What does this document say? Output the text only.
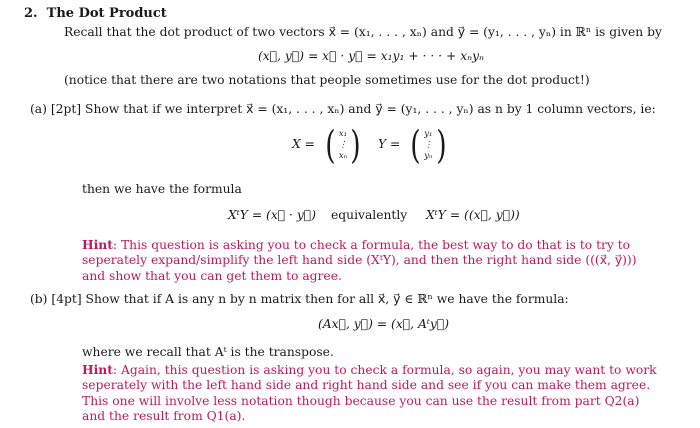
2. The Dot Product
Recall that the dot product of two vectors x⃗ = (x₁, . . . , xₙ) and y⃗ = (y₁, . . . , yₙ) in ℝⁿ is given by
(x⃗, y⃗) = x⃗ · y⃗ = x₁y₁ + · · · + xₙyₙ
(notice that there are two notations that people sometimes use for the dot product!)
(a) [2pt] Show that if we interpret x⃗ = (x₁, . . . , xₙ) and y⃗ = (y₁, . . . , yₙ) as n by 1 column vectors, ie:
X = ( x₁
⋮
xₙ ) Y = ( y₁
⋮
yₙ )
then we have the formula
XᵗY = (x⃗ · y⃗) equivalently XᵗY = ((x⃗, y⃗))
Hint: This question is asking you to check a formula, the best way to do that is to try to seperately expand/simplify the left hand side (XᵗY), and then the right hand side (((x⃗, y⃗))) and show that you can get them to agree.
(b) [4pt] Show that if A is any n by n matrix then for all x⃗, y⃗ ∈ ℝⁿ we have the formula:
(Ax⃗, y⃗) = (x⃗, Aᵗy⃗)
where we recall that Aᵗ is the transpose.
Hint: Again, this question is asking you to check a formula, so again, you may want to work seperately with the left hand side and right hand side and see if you can make them agree. This one will involve less notation though because you can use the result from part Q2(a) and the result from Q1(a).
